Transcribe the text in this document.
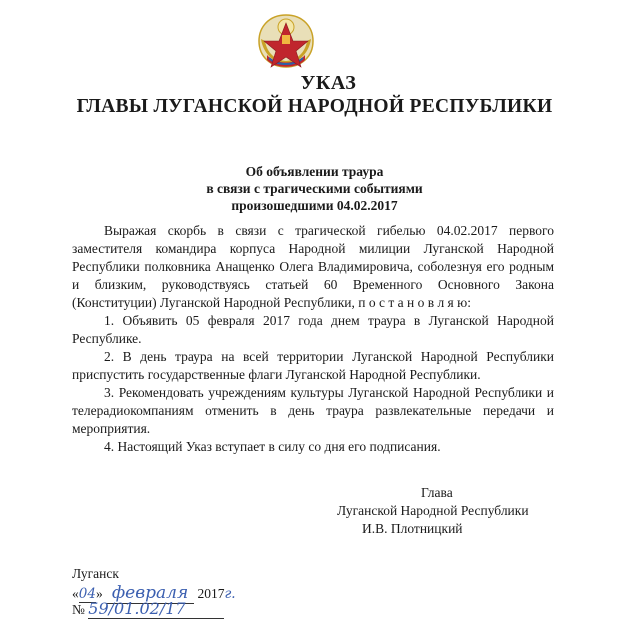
УКАЗ
ГЛАВЫ ЛУГАНСКОЙ НАРОДНОЙ РЕСПУБЛИКИ
Об объявлении траура
в связи с трагическими событиями
произошедшими 04.02.2017

Выражая скорбь в связи с трагической гибелью 04.02.2017 первого заместителя командира корпуса Народной милиции Луганской Народной Республики полковника Анащенко Олега Владимировича, соболезнуя его родным и близким, руководствуясь статьей 60 Временного Основного Закона (Конституции) Луганской Народной Республики, п о с т а н о в л я ю:

1. Объявить 05 февраля 2017 года днем траура в Луганской Народной Республике.

2. В день траура на всей территории Луганской Народной Республики приспустить государственные флаги Луганской Народной Республики.

3. Рекомендовать учреждениям культуры Луганской Народной Республики и телерадиокомпаниям отменить в день траура развлекательные передачи и мероприятия.

4. Настоящий Указ вступает в силу со дня его подписания.

Глава
Луганской Народной Республики
И.В. Плотницкий
Луганск
«04» февраля 2017г.
№ 59/01.02/17
